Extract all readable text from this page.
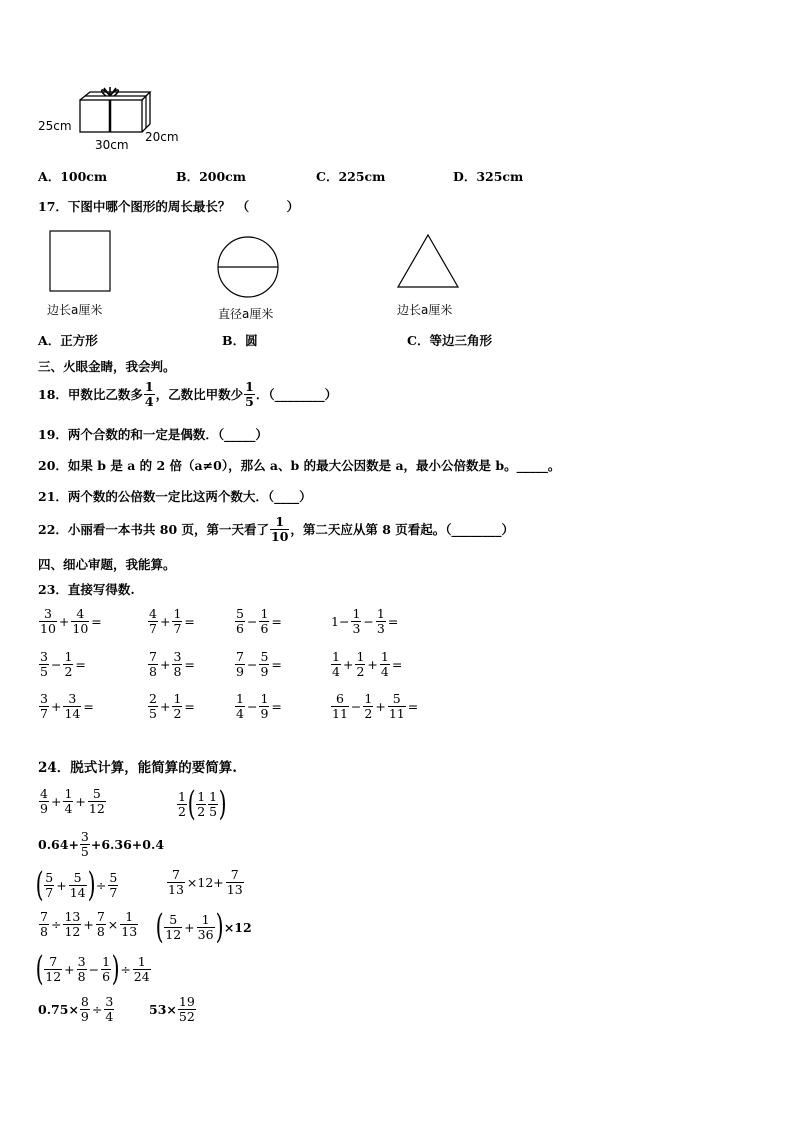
25cm
30cm
20cm
A．100cm	B．200cm	C．225cm	D．325cm
17．下图中哪个图形的周长最长？　（　　　）
边长a厘米	直径a厘米	边长a厘米
A．正方形	B．圆	C．等边三角形
三、火眼金睛，我会判。
18．甲数比乙数多 $\frac{1}{4}$ ，乙数比甲数少 $\frac{1}{5}$ ．（________）
19．两个合数的和一定是偶数．（_____）
20．如果 b 是 a 的 2 倍（a≠0），那么 a、b 的最大公因数是 a，最小公倍数是 b。_____。
21．两个数的公倍数一定比这两个数大．（____）
22．小丽看一本书共 80 页，第一天看了 $\frac{1}{10}$ ，第二天应从第 8 页看起。（________）
四、细心审题，我能算。
23．直接写得数.
$\frac{3}{10} + \frac{4}{10}$ =	$\frac{4}{7} + \frac{1}{7}$ =	$\frac{5}{6} - \frac{1}{6}$ =	$1- \frac{1}{3} - \frac{1}{3}$ =
$\frac{3}{5} - \frac{1}{2}$ =	$\frac{7}{8} + \frac{3}{8}$ =	$\frac{7}{9} - \frac{5}{9}$ =	$\frac{1}{4} + \frac{1}{2} + \frac{1}{4}$ =
$\frac{3}{7} + \frac{3}{14}$ =	$\frac{2}{5} + \frac{1}{2}$ =	$\frac{1}{4} - \frac{1}{9}$ =	$\frac{6}{11} - \frac{1}{2} + \frac{5}{11}$ =
24．脱式计算，能简算的要简算.
$\frac{4}{9} + \frac{1}{4} + \frac{5}{12}$	$\frac{1}{2}$ ( $\frac{1}{2} \frac{1}{5}$ )
$0.64+ \frac{3}{5} +6.36+0.4$
( $\frac{5}{7} + \frac{5}{14}$ ) ÷ $\frac{5}{7}$	$\frac{7}{13} \times 12+ \frac{7}{13}$
$\frac{7}{8} \div \frac{13}{12} + \frac{7}{8} \times \frac{1}{13}$ ( $\frac{5}{12} + \frac{1}{36}$ ) ×12
( $\frac{7}{12} + \frac{3}{8} - \frac{1}{6}$ ) ÷ $\frac{1}{24}$
$0.75\times \frac{8}{9} \div \frac{3}{4}$	$53\times \frac{19}{52}$
